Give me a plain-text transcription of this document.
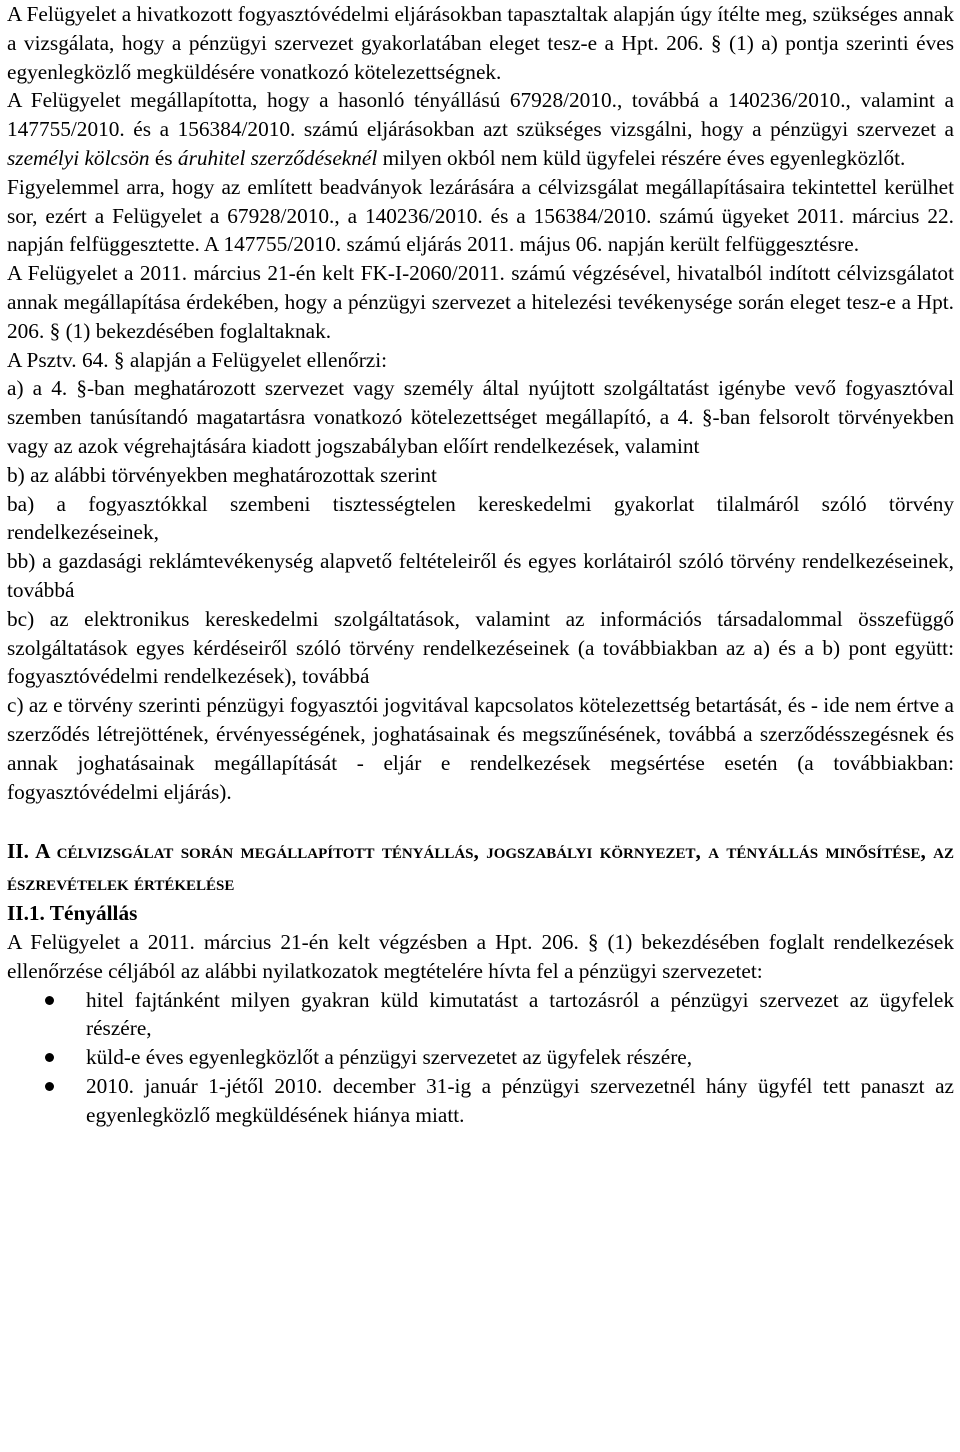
A Felügyelet a hivatkozott fogyasztóvédelmi eljárásokban tapasztaltak alapján úgy ítélte meg, szükséges annak a vizsgálata, hogy a pénzügyi szervezet gyakorlatában eleget tesz-e a Hpt. 206. § (1) a) pontja szerinti éves egyenlegközlő megküldésére vonatkozó kötelezettségnek.

A Felügyelet megállapította, hogy a hasonló tényállású 67928/2010., továbbá a 140236/2010., valamint a 147755/2010. és a 156384/2010. számú eljárásokban azt szükséges vizsgálni, hogy a pénzügyi szervezet a személyi kölcsön és áruhitel szerződéseknél milyen okból nem küld ügyfelei részére éves egyenlegközlőt.

Figyelemmel arra, hogy az említett beadványok lezárására a célvizsgálat megállapításaira tekintettel kerülhet sor, ezért a Felügyelet a 67928/2010., a 140236/2010. és a 156384/2010. számú ügyeket 2011. március 22. napján felfüggesztette. A 147755/2010. számú eljárás 2011. május 06. napján került felfüggesztésre.

A Felügyelet a 2011. március 21-én kelt FK-I-2060/2011. számú végzésével, hivatalból indított célvizsgálatot annak megállapítása érdekében, hogy a pénzügyi szervezet a hitelezési tevékenysége során eleget tesz-e a Hpt. 206. § (1) bekezdésében foglaltaknak.

A Psztv. 64. § alapján a Felügyelet ellenőrzi:

a) a 4. §-ban meghatározott szervezet vagy személy által nyújtott szolgáltatást igénybe vevő fogyasztóval szemben tanúsítandó magatartásra vonatkozó kötelezettséget megállapító, a 4. §-ban felsorolt törvényekben vagy az azok végrehajtására kiadott jogszabályban előírt rendelkezések, valamint

b) az alábbi törvényekben meghatározottak szerint

ba) a fogyasztókkal szembeni tisztességtelen kereskedelmi gyakorlat tilalmáról szóló törvény rendelkezéseinek,

bb) a gazdasági reklámtevékenység alapvető feltételeiről és egyes korlátairól szóló törvény rendelkezéseinek, továbbá

bc) az elektronikus kereskedelmi szolgáltatások, valamint az információs társadalommal összefüggő szolgáltatások egyes kérdéseiről szóló törvény rendelkezéseinek (a továbbiakban az a) és a b) pont együtt: fogyasztóvédelmi rendelkezések), továbbá

c) az e törvény szerinti pénzügyi fogyasztói jogvitával kapcsolatos kötelezettség betartását, és - ide nem értve a szerződés létrejöttének, érvényességének, joghatásainak és megszűnésének, továbbá a szerződésszegésnek és annak joghatásainak megállapítását - eljár e rendelkezések megsértése esetén (a továbbiakban: fogyasztóvédelmi eljárás).

II. A célvizsgálat során megállapított tényállás, jogszabályi környezet, a tényállás minősítése, az észrevételek értékelése

II.1. Tényállás

A Felügyelet a 2011. március 21-én kelt végzésben a Hpt. 206. § (1) bekezdésében foglalt rendelkezések ellenőrzése céljából az alábbi nyilatkozatok megtételére hívta fel a pénzügyi szervezetet:

hitel fajtánként milyen gyakran küld kimutatást a tartozásról a pénzügyi szervezet az ügyfelek részére,
küld-e éves egyenlegközlőt a pénzügyi szervezetet az ügyfelek részére,
2010. január 1-jétől 2010. december 31-ig a pénzügyi szervezetnél hány ügyfél tett panaszt az egyenlegközlő megküldésének hiánya miatt.
